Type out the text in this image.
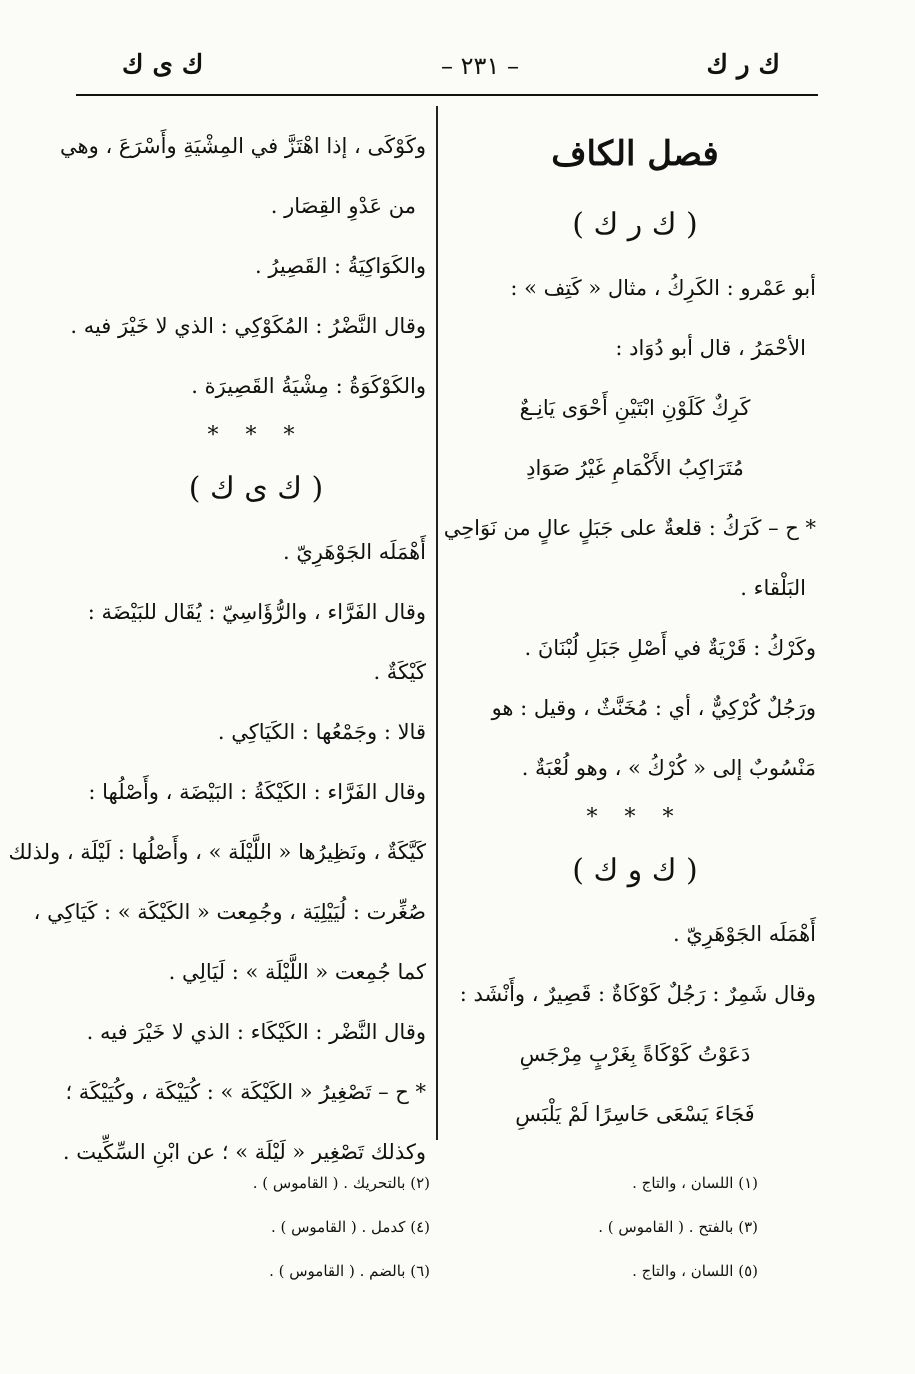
ك ر ك
– ٢٣١ –
ك ى ك

فصل الكاف

( ك ر ك )

أبو عَمْرو : الكَرِكُ ، مثال « كَتِف » :

الأحْمَرُ ، قال أبو دُوَاد :

كَرِكٌ كَلَوْنِ ابْتَيْنِ أَحْوَى يَانِـعٌ

مُتَرَاكِبُ الأَكْمَامِ غَيْرُ صَوَادِ

* ح – كَرَكُ : قلعةٌ على جَبَلٍ عالٍ من نَوَاحِي

البَلْقاء .

وكَرْكُ : قَرْيَةٌ في أَصْلِ جَبَلِ لُبْنَانَ .

ورَجُلٌ كُرْكِيٌّ ، أي : مُخَنَّثٌ ، وقيل : هو

مَنْسُوبٌ إلى « كُرْكُ » ، وهو لُعْبَةٌ .

* * *

( ك و ك )

أَهْمَلَه الجَوْهَرِيّ .

وقال شَمِرٌ : رَجُلٌ كَوْكَاةٌ : قَصِيرٌ ، وأَنْشَد :

دَعَوْتُ كَوْكَاةً بِغَرْبٍ مِرْجَسِ

فَجَاءَ يَسْعَى حَاسِرًا لَمْ يَلْبَسِ

وكَوْكَى ، إذا اهْتَزَّ في المِشْيَةِ وأَسْرَعَ ، وهي

من عَدْوِ القِصَار .

والكَوَاكِيَةُ : القَصِيرُ .

وقال النَّضْرُ : المُكَوْكِي : الذي لا خَيْرَ فيه .

والكَوْكَوَةُ : مِشْيَةُ القَصِيرَة .

* * *

( ك ى ك )

أَهْمَلَه الجَوْهَرِيّ .

وقال الفَرَّاء ، والرُّؤَاسِيّ : يُقَال للبَيْضَة :

كَيْكَةٌ .

قالا : وجَمْعُها : الكَيَاكِي .

وقال الفَرَّاء : الكَيْكَةُ : البَيْضَة ، وأَصْلُها :

كَيَّكَةٌ ، ونَظِيرُها « اللَّيْلَة » ، وأَصْلُها : لَيْلَة ، ولذلك

صُغِّرت : لُيَيْلِيَة ، وجُمِعت « الكَيْكَة » : كَيَاكِي ،

كما جُمِعت « اللَّيْلَة » : لَيَالِي .

وقال النَّضْر : الكَيْكَاء : الذي لا خَيْرَ فيه .

* ح – تَصْغِيرُ « الكَيْكَة » : كُيَيْكَة ، وكُيَيْكَة ؛

وكذلك تَصْغِير « لَيْلَة » ؛ عن ابْنِ السِّكِّيت .

(١) اللسان ، والتاج .
(٢) بالتحريك . ( القاموس ) .
(٣) بالفتح . ( القاموس ) .
(٤) كدمل . ( القاموس ) .
(٥) اللسان ، والتاج .
(٦) بالضم . ( القاموس ) .
